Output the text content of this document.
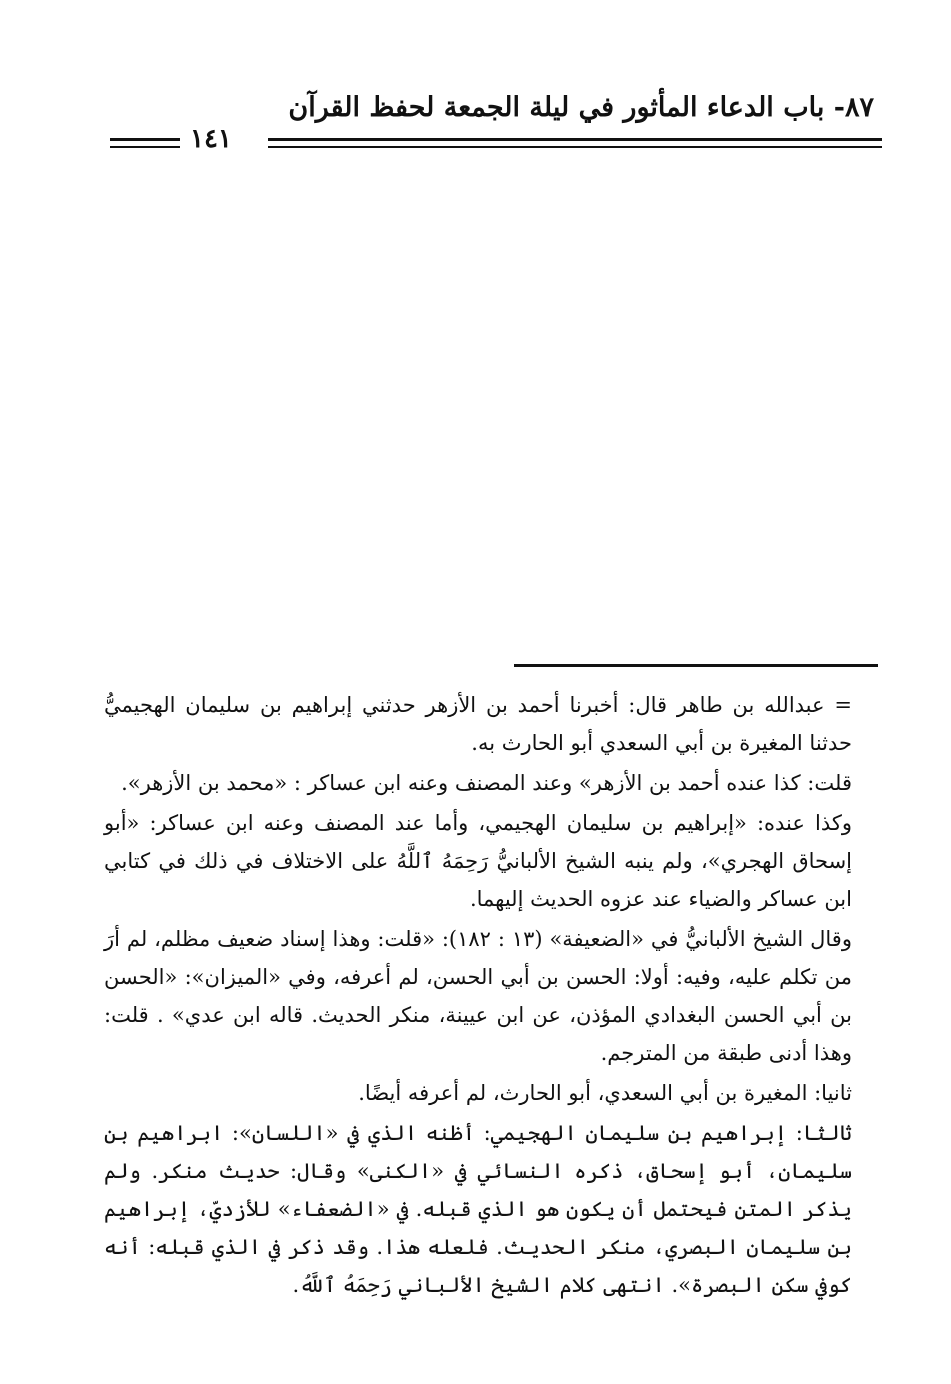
٨٧- باب الدعاء المأثور في ليلة الجمعة لحفظ القرآن
١٤١

= عبدالله بن طاهر قال: أخبرنا أحمد بن الأزهر حدثني إبراهيم بن سليمان الهجيميُّ حدثنا المغيرة بن أبي السعدي أبو الحارث به.

قلت: كذا عنده أحمد بن الأزهر» وعند المصنف وعنه ابن عساكر : «محمد بن الأزهر».

وكذا عنده: «إبراهيم بن سليمان الهجيمي، وأما عند المصنف وعنه ابن عساكر: «أبو إسحاق الهجري»، ولم ينبه الشيخ الألبانيُّ رَحِمَهُ ٱللَّهُ على الاختلاف في ذلك في كتابي ابن عساكر والضياء عند عزوه الحديث إليهما.

وقال الشيخ الألبانيُّ في «الضعيفة» (١٣ : ١٨٢): «قلت: وهذا إسناد ضعيف مظلم، لم أرَ من تكلم عليه، وفيه: أولا: الحسن بن أبي الحسن، لم أعرفه، وفي «الميزان»: «الحسن بن أبي الحسن البغدادي المؤذن، عن ابن عيينة، منكر الحديث. قاله ابن عدي» . قلت: وهذا أدنى طبقة من المترجم.

ثانيا: المغيرة بن أبي السعدي، أبو الحارث، لم أعرفه أيضًا.

ثالثا: إبراهيم بن سليمان الهجيمي: أظنه الذي في «اللسان»: ابراهيم بن سليمان، أبو إسحاق، ذكره النسائي في «الكنى» وقال: حديث منكر. ولم يذكر المتن فيحتمل أن يكون هو الذي قبله. في «الضعفاء» للأزديّ، إبراهيم بن سليمان البصري، منكر الحديث. فلعله هذا. وقد ذكر في الذي قبله: أنه كوفي سكن البصرة». انتهى كلام الشيخ الألباني رَحِمَهُ ٱللَّهُ.
